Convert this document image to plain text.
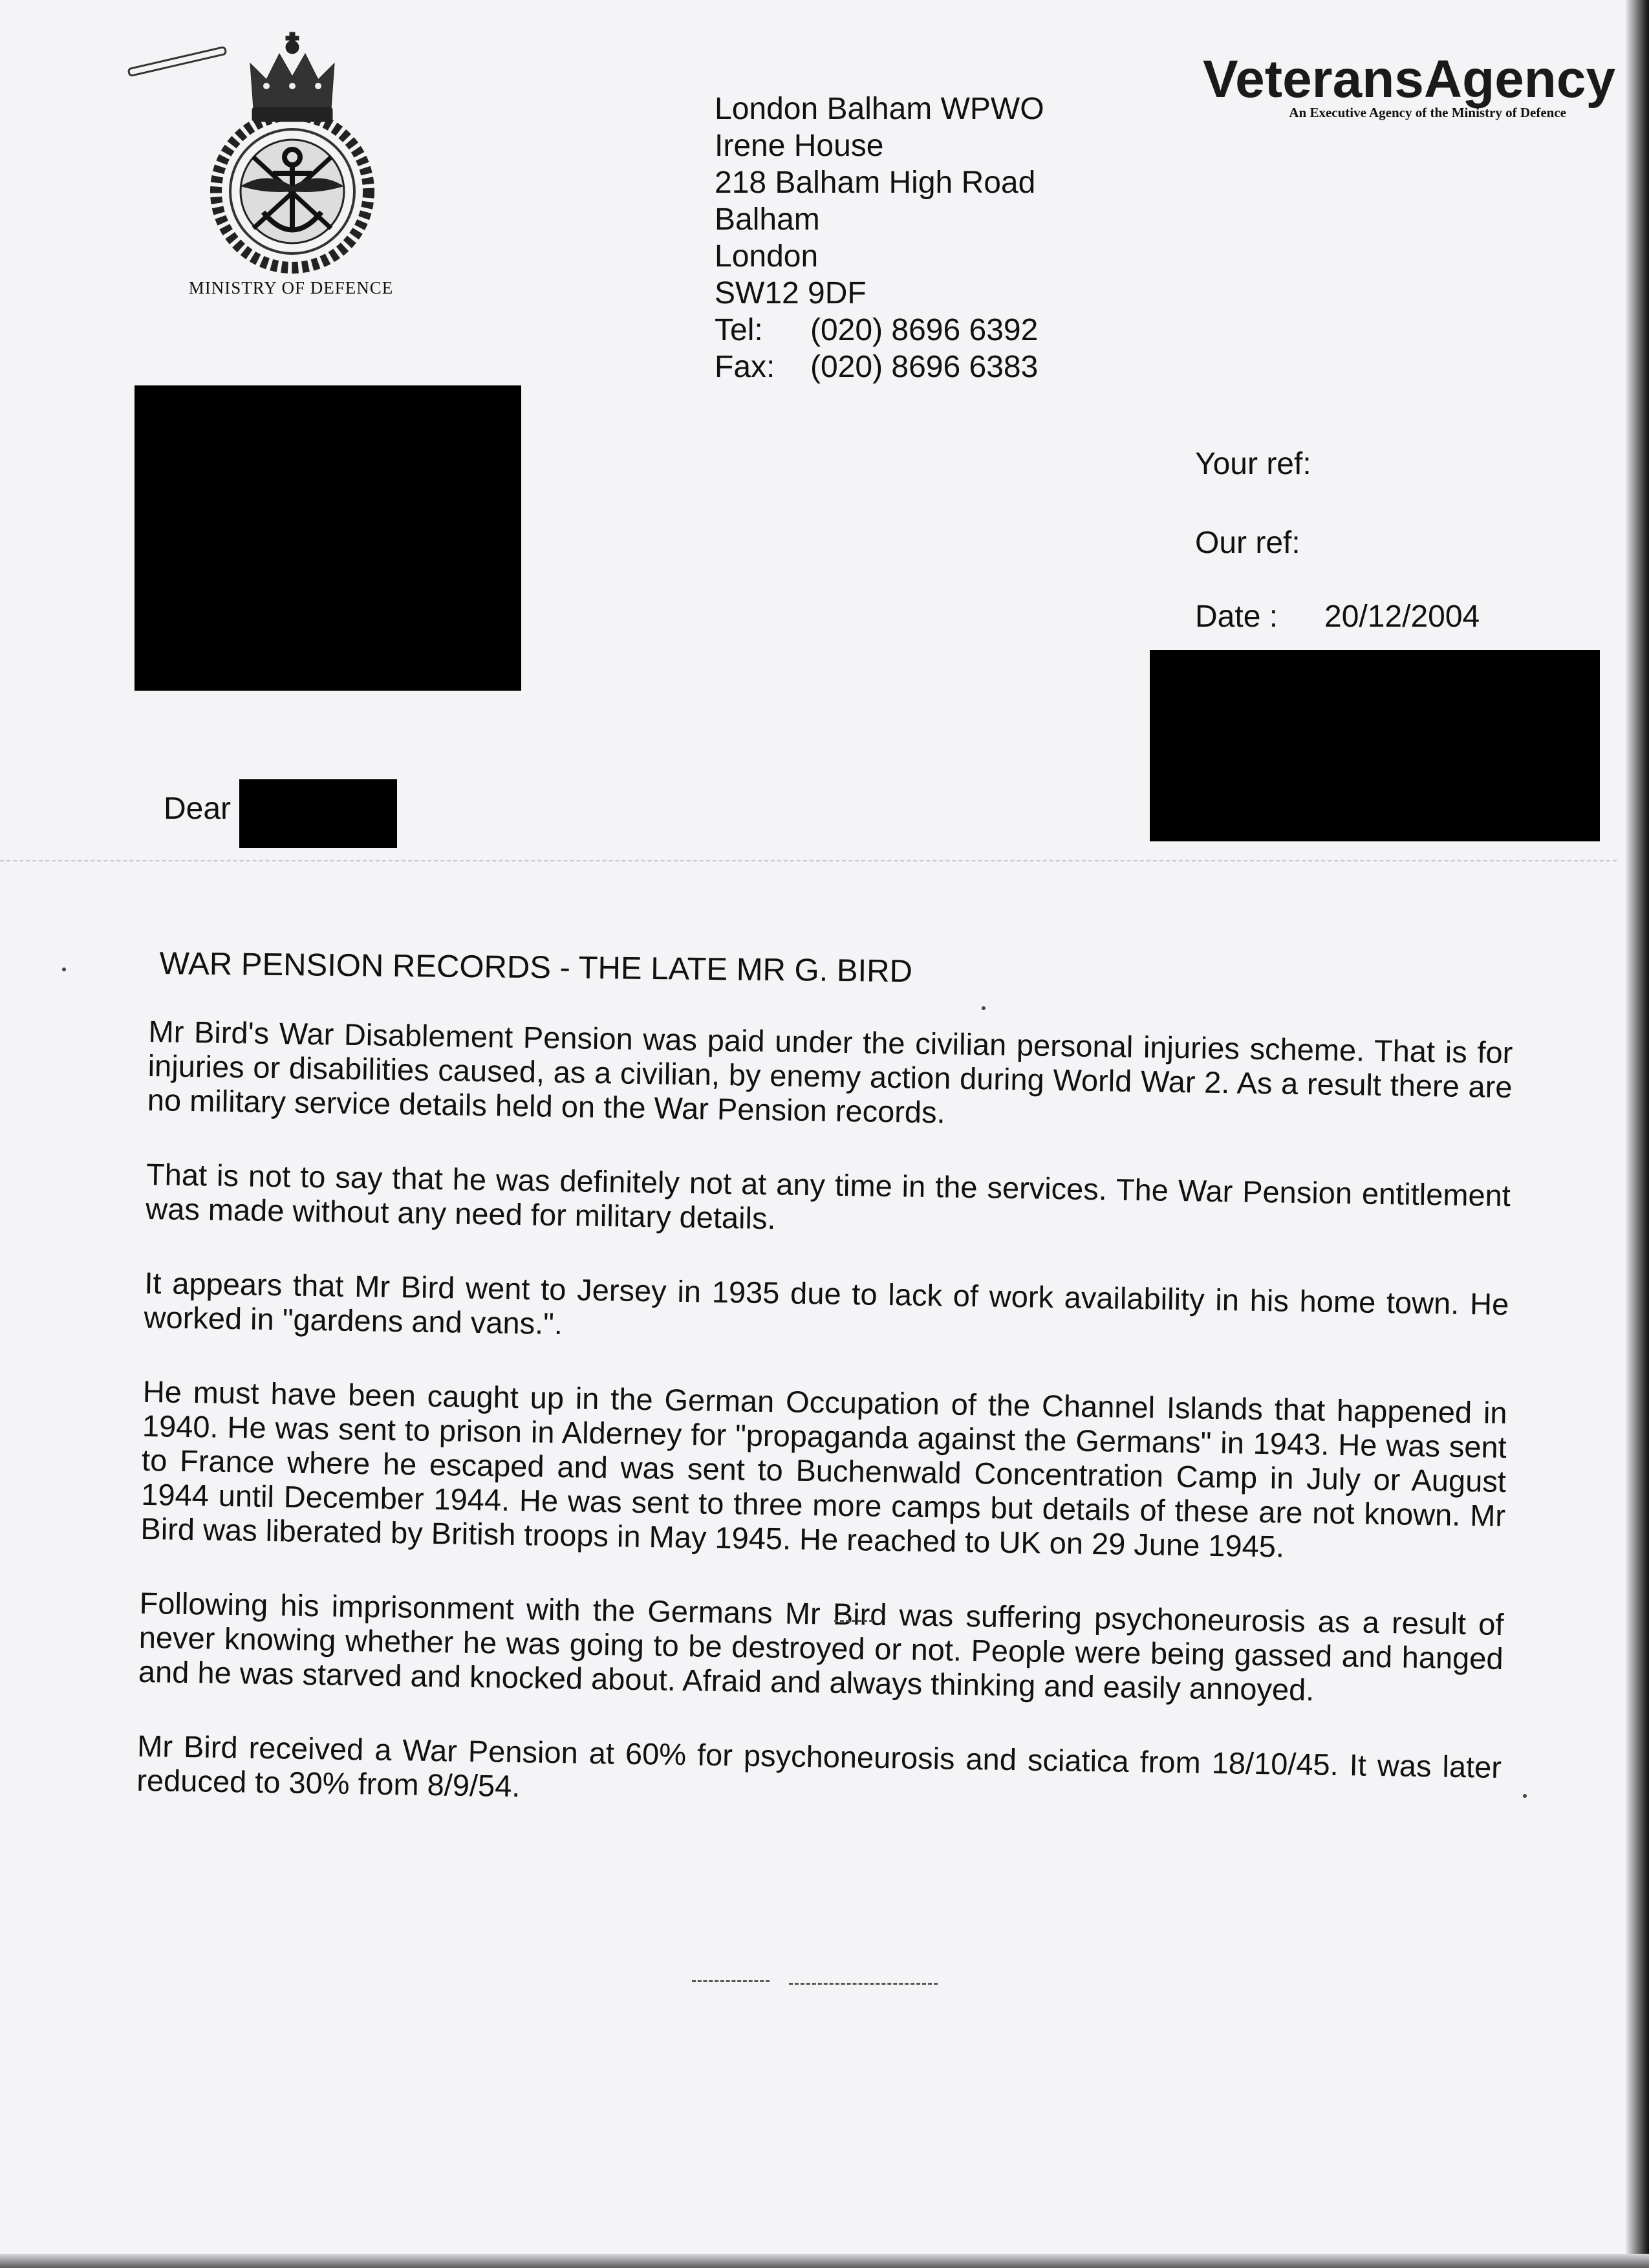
MINISTRY OF DEFENCE
London Balham WPWO
Irene House
218 Balham High Road
Balham
London
SW12 9DF
Tel: (020) 8696 6392
Fax: (020) 8696 6383
VeteransAgency
An Executive Agency of the Ministry of Defence
Your ref:
Our ref:
Date : 20/12/2004
Dear
WAR PENSION RECORDS - THE LATE MR G. BIRD

Mr Bird's War Disablement Pension was paid under the civilian personal injuries scheme. That is for injuries or disabilities caused, as a civilian, by enemy action during World War 2. As a result there are no military service details held on the War Pension records.

That is not to say that he was definitely not at any time in the services. The War Pension entitlement was made without any need for military details.

It appears that Mr Bird went to Jersey in 1935 due to lack of work availability in his home town. He worked in "gardens and vans.".

He must have been caught up in the German Occupation of the Channel Islands that happened in 1940. He was sent to prison in Alderney for "propaganda against the Germans" in 1943. He was sent to France where he escaped and was sent to Buchenwald Concentration Camp in July or August 1944 until December 1944. He was sent to three more camps but details of these are not known. Mr Bird was liberated by British troops in May 1945. He reached to UK on 29 June 1945.

Following his imprisonment with the Germans Mr Bird was suffering psychoneurosis as a result of never knowing whether he was going to be destroyed or not. People were being gassed and hanged and he was starved and knocked about. Afraid and always thinking and easily annoyed.

Mr Bird received a War Pension at 60% for psychoneurosis and sciatica from 18/10/45. It was later reduced to 30% from 8/9/54.
